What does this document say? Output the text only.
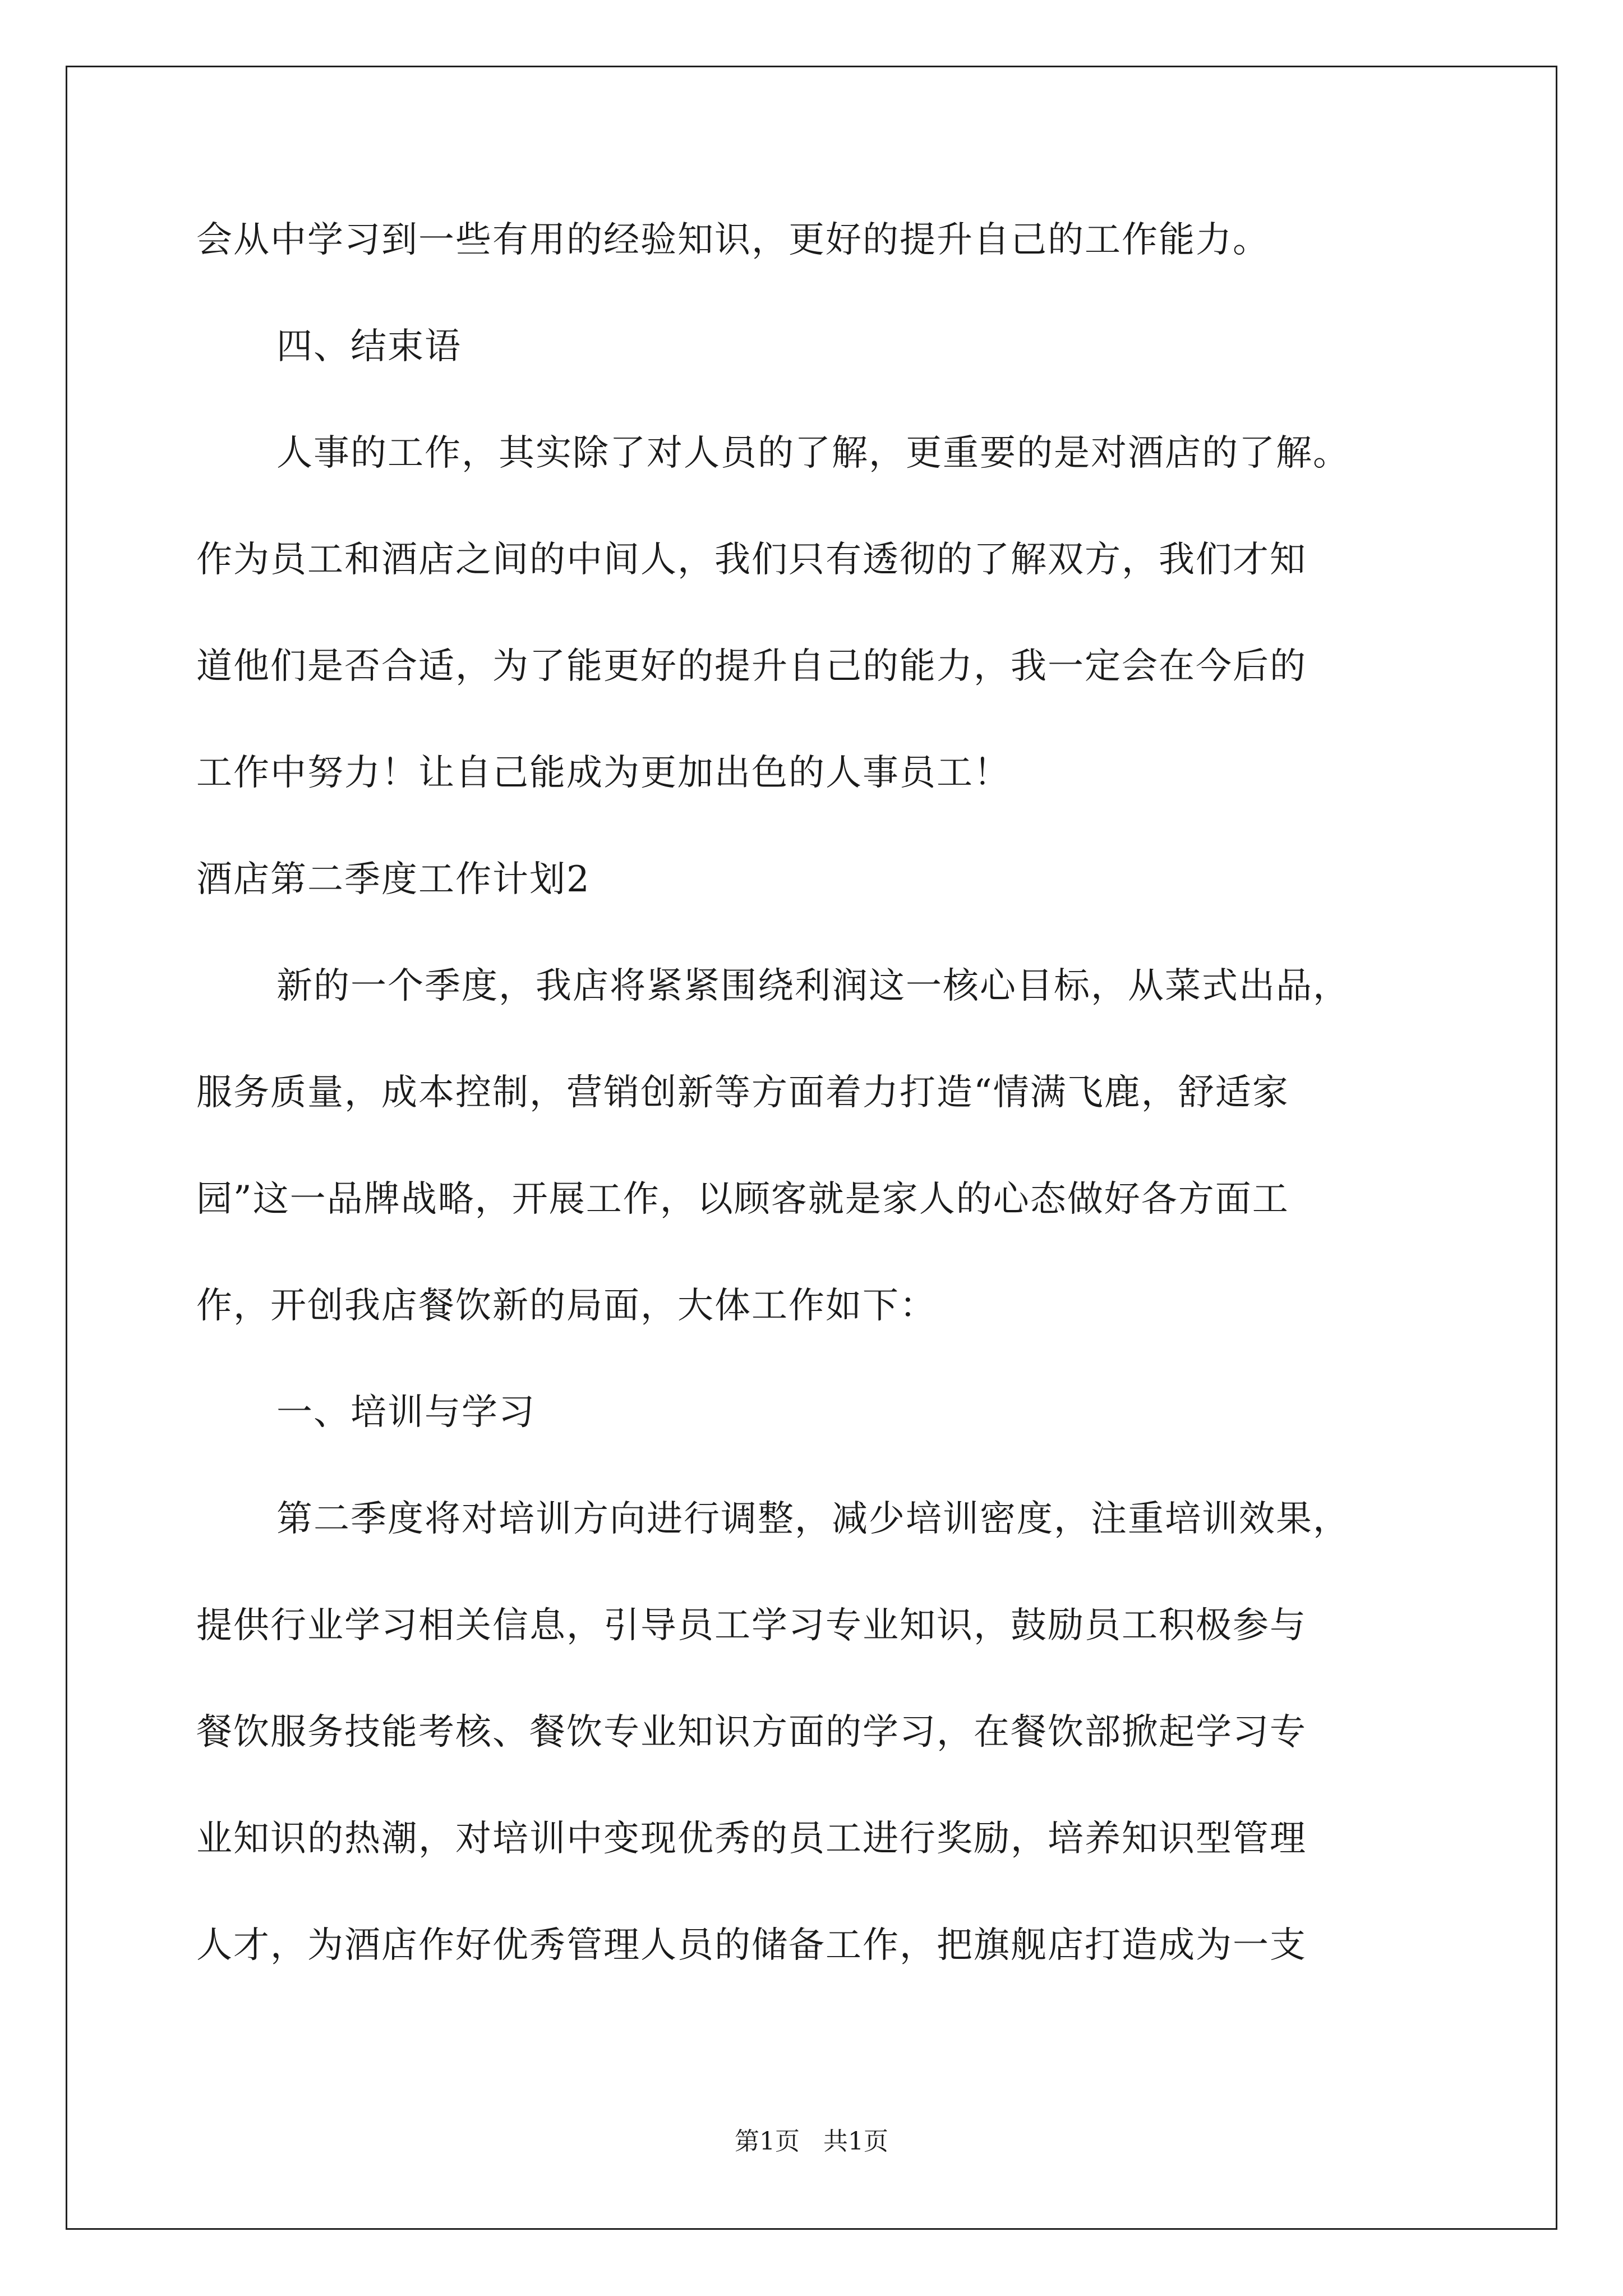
会从中学习到一些有用的经验知识，更好的提升自己的工作能力。
四、结束语
人事的工作，其实除了对人员的了解，更重要的是对酒店的了解。
作为员工和酒店之间的中间人，我们只有透彻的了解双方，我们才知
道他们是否合适，为了能更好的提升自己的能力，我一定会在今后的
工作中努力！让自己能成为更加出色的人事员工！
酒店第二季度工作计划2
新的一个季度，我店将紧紧围绕利润这一核心目标，从菜式出品，
服务质量，成本控制，营销创新等方面着力打造“情满飞鹿，舒适家
园”这一品牌战略，开展工作，以顾客就是家人的心态做好各方面工
作，开创我店餐饮新的局面，大体工作如下：
一、培训与学习
第二季度将对培训方向进行调整，减少培训密度，注重培训效果，
提供行业学习相关信息，引导员工学习专业知识，鼓励员工积极参与
餐饮服务技能考核、餐饮专业知识方面的学习，在餐饮部掀起学习专
业知识的热潮，对培训中变现优秀的员工进行奖励，培养知识型管理
人才，为酒店作好优秀管理人员的储备工作，把旗舰店打造成为一支
第1页   共1页
